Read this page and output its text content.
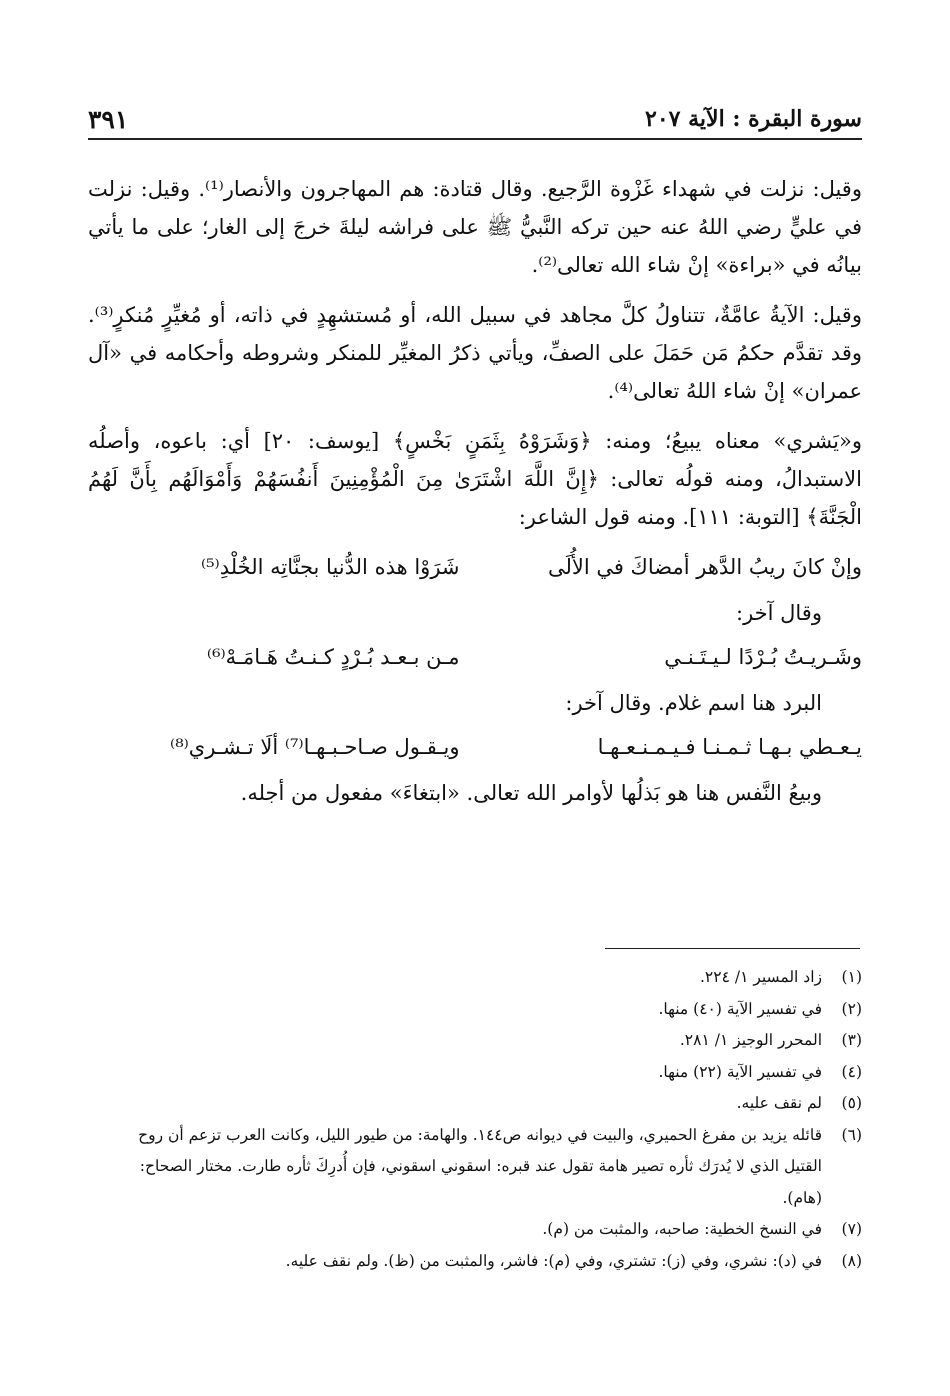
سورة البقرة : الآية ٢٠٧
٣٩١

وقيل: نزلت في شهداء غَزْوة الرَّجيع. وقال قتادة: هم المهاجرون والأنصار⁽¹⁾. وقيل: نزلت في عليٍّ رضي اللهُ عنه حين تركه النَّبيُّ ﷺ على فراشه ليلةَ خرجَ إلى الغار؛ على ما يأتي بيانُه في «براءة» إنْ شاء الله تعالى⁽²⁾.

وقيل: الآيةُ عامَّةٌ، تتناولُ كلَّ مجاهد في سبيل الله، أو مُستشهِدٍ في ذاته، أو مُغيِّرٍ مُنكرٍ⁽³⁾. وقد تقدَّم حكمُ مَن حَمَلَ على الصفِّ، ويأتي ذكرُ المغيِّر للمنكر وشروطه وأحكامه في «آل عمران» إنْ شاء اللهُ تعالى⁽⁴⁾.

و«يَشري» معناه يبيعُ؛ ومنه: ﴿وَشَرَوْهُ بِثَمَنٍ بَخْسٍ﴾ [يوسف: ٢٠] أي: باعوه، وأصلُه الاستبدالُ، ومنه قولُه تعالى: ﴿إِنَّ اللَّهَ اشْتَرَىٰ مِنَ الْمُؤْمِنِينَ أَنفُسَهُمْ وَأَمْوَالَهُم بِأَنَّ لَهُمُ الْجَنَّةَ﴾ [التوبة: ١١١]. ومنه قول الشاعر:

وإنْ كانَ ريبُ الدَّهر أمضاكَ في الأُلَى
شَرَوْا هذه الدُّنيا بجنَّاتِه الخُلْدِ⁽⁵⁾
وقال آخر:
وشَـريـتُ بُـرْدًا لـيـتَـنـي
مـن بـعـد بُـرْدٍ كـنـتُ هَـامَـهْ⁽⁶⁾
البرد هنا اسم غلام. وقال آخر:
يـعـطي بـهـا ثـمـنـا فـيـمـنـعـهـا
ويـقـول صـاحـبـهـا⁽⁷⁾ ألَا تـشـري⁽⁸⁾

وبيعُ النَّفس هنا هو بَذلُها لأوامر الله تعالى. «ابتغاءَ» مفعول من أجله.

(١)
زاد المسير ١/ ٢٢٤.
(٢)
في تفسير الآية (٤٠) منها.
(٣)
المحرر الوجيز ١/ ٢٨١.
(٤)
في تفسير الآية (٢٢) منها.
(٥)
لم نقف عليه.
(٦)
قائله يزيد بن مفرغ الحميري، والبيت في ديوانه ص١٤٤. والهامة: من طيور الليل، وكانت العرب تزعم أن روح القتيل الذي لا يُدرَك ثأره تصير هامة تقول عند قبره: اسقوني اسقوني، فإن أُدرِكَ ثأره طارت. مختار الصحاح: (هام).
(٧)
في النسخ الخطية: صاحبه، والمثبت من (م).
(٨)
في (د): نشري، وفي (ز): تشتري، وفي (م): فاشر، والمثبت من (ظ). ولم نقف عليه.
